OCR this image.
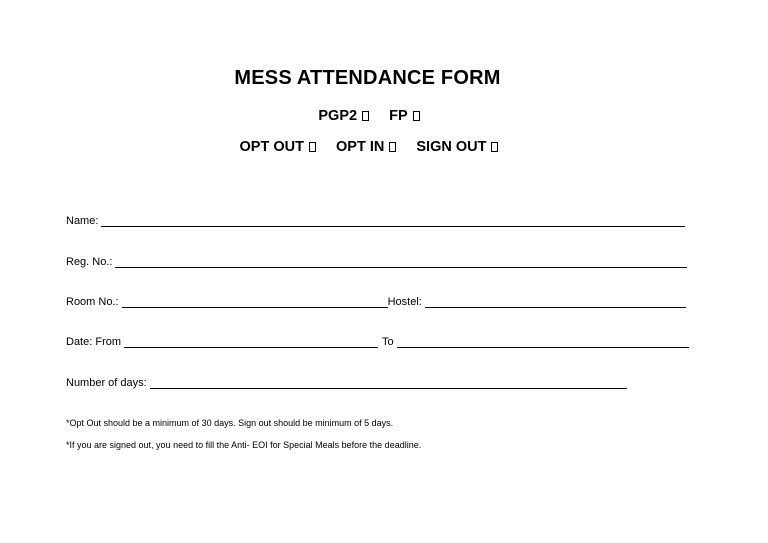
MESS ATTENDANCE FORM
PGP2 FP
OPT OUT OPT IN SIGN OUT
Name:
Reg. No.:
Room No.:	Hostel:
Date: From	To
Number of days:
*Opt Out should be a minimum of 30 days. Sign out should be minimum of 5 days.
*If you are signed out, you need to fill the Anti- EOI for Special Meals before the deadline.
